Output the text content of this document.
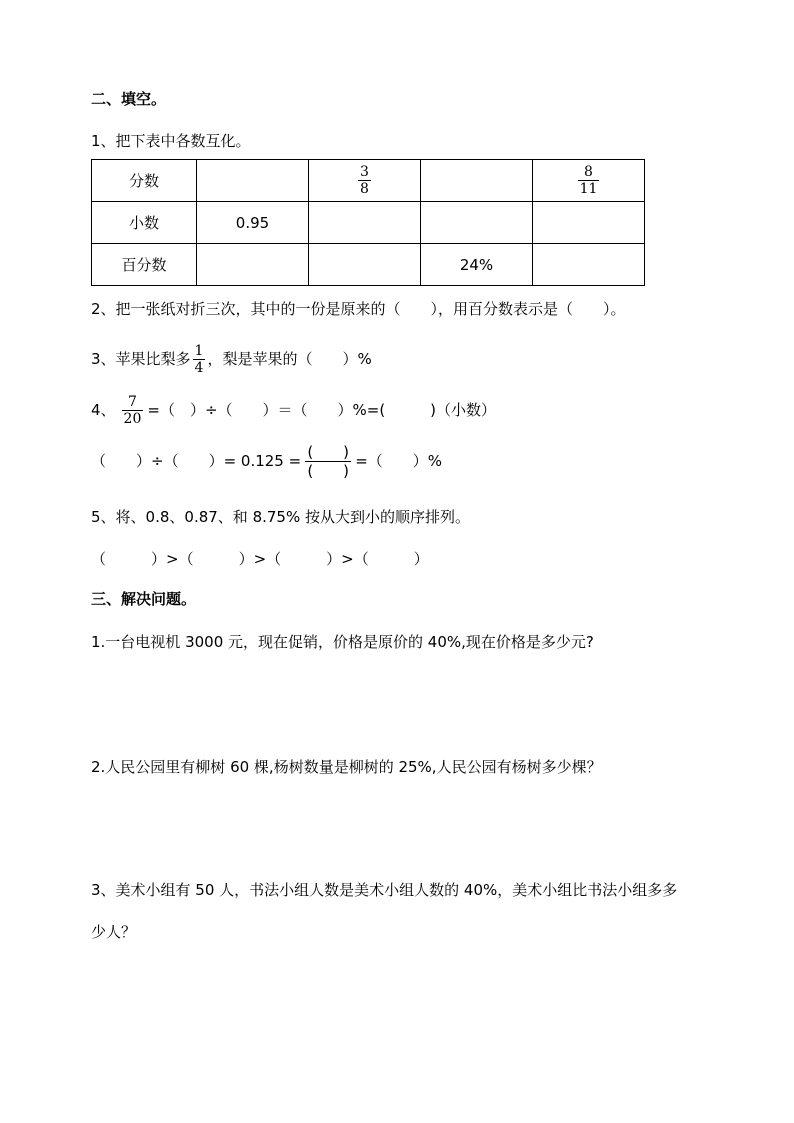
二、填空。
1、把下表中各数互化。
分数		$\frac{3}{8}$		$\frac{8}{11}$

小数	0.95			
百分数			24%	
2、把一张纸对折三次，其中的一份是原来的（　　），用百分数表示是（　　）。
3、苹果比梨多 $\frac{1}{4}$ ，梨是苹果的（　　）%
4、 $\frac{7}{20}$ =（　）÷（　　）＝（　　）%=(　　　)（小数）
（　　）÷（　　）= 0.125 =
(　　)
(　　)
=（　　）%
5、将、0.8、0.87、和 8.75% 按从大到小的顺序排列。
（　　　）>（　　　）>（　　　）>（　　　）
三、解决问题。
1.一台电视机 3000 元，现在促销，价格是原价的 40%,现在价格是多少元?
2.人民公园里有柳树 60 棵,杨树数量是柳树的 25%,人民公园有杨树多少棵？
3、美术小组有 50 人，书法小组人数是美术小组人数的 40%，美术小组比书法小组多多
少人？
